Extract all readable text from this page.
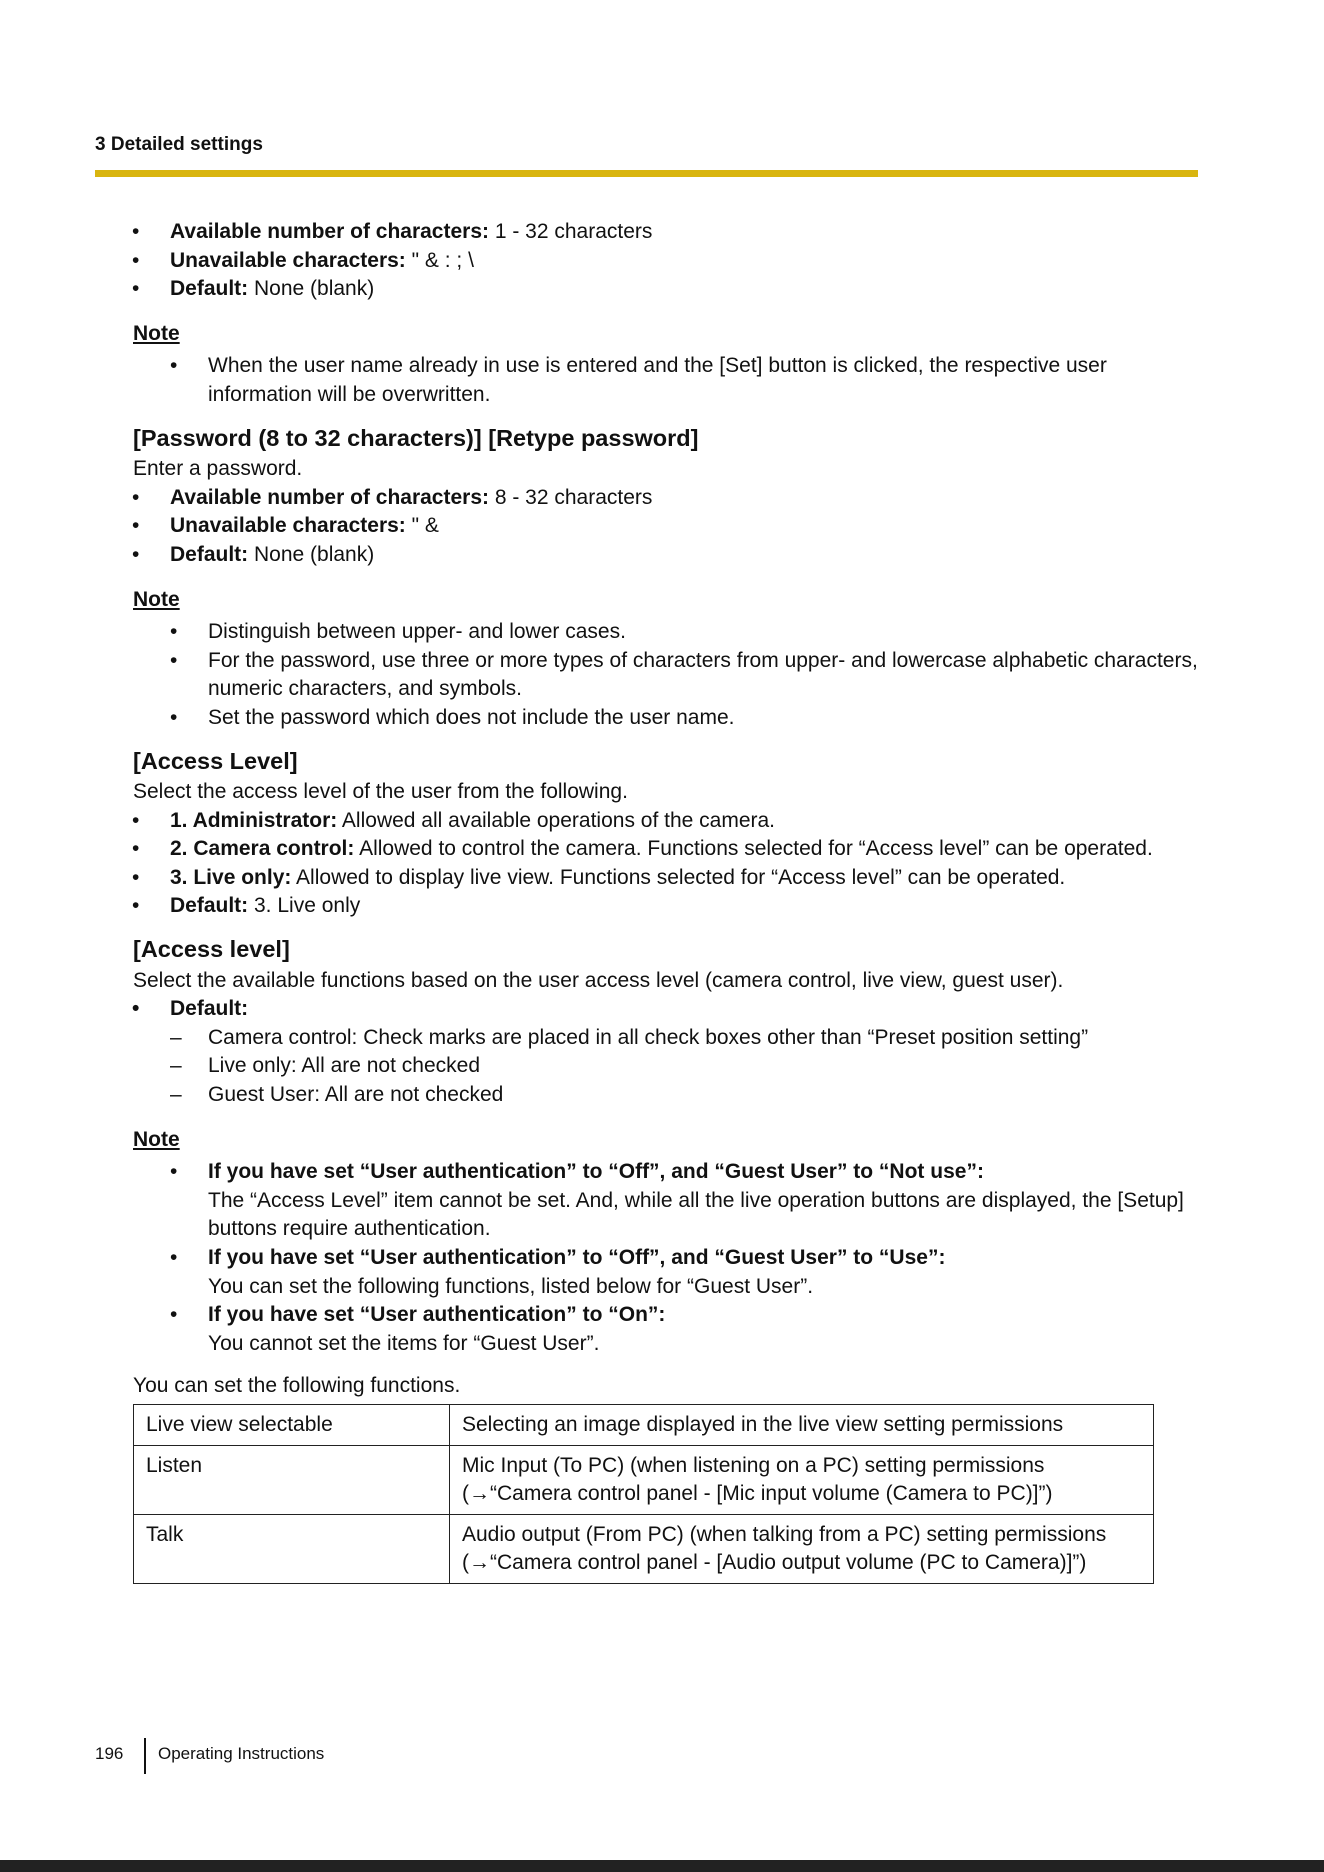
3 Detailed settings

• Available number of characters: 1 - 32 characters

• Unavailable characters: " & : ; \

• Default: None (blank)

Note

• When the user name already in use is entered and the [Set] button is clicked, the respective user information will be overwritten.

[Password (8 to 32 characters)] [Retype password]

Enter a password.

• Available number of characters: 8 - 32 characters

• Unavailable characters: " &

• Default: None (blank)

Note

• Distinguish between upper- and lower cases.

• For the password, use three or more types of characters from upper- and lowercase alphabetic characters, numeric characters, and symbols.

• Set the password which does not include the user name.

[Access Level]

Select the access level of the user from the following.

• 1. Administrator: Allowed all available operations of the camera.

• 2. Camera control: Allowed to control the camera. Functions selected for “Access level” can be operated.

• 3. Live only: Allowed to display live view. Functions selected for “Access level” can be operated.

• Default: 3. Live only

[Access level]

Select the available functions based on the user access level (camera control, live view, guest user).

• Default:

– Camera control: Check marks are placed in all check boxes other than “Preset position setting”

– Live only: All are not checked

– Guest User: All are not checked

Note
• If you have set “User authentication” to “Off”, and “Guest User” to “Not use”:
The “Access Level” item cannot be set. And, while all the live operation buttons are displayed, the [Setup] buttons require authentication.
• If you have set “User authentication” to “Off”, and “Guest User” to “Use”:
You can set the following functions, listed below for “Guest User”.
• If you have set “User authentication” to “On”:
You cannot set the items for “Guest User”.

You can set the following functions.

Live view selectable	Selecting an image displayed in the live view setting permissions
Listen	Mic Input (To PC) (when listening on a PC) setting permissions (→“Camera control panel - [Mic input volume (Camera to PC)]”)
Talk	Audio output (From PC) (when talking from a PC) setting permissions (→“Camera control panel - [Audio output volume (PC to Camera)]”)
196 Operating Instructions
